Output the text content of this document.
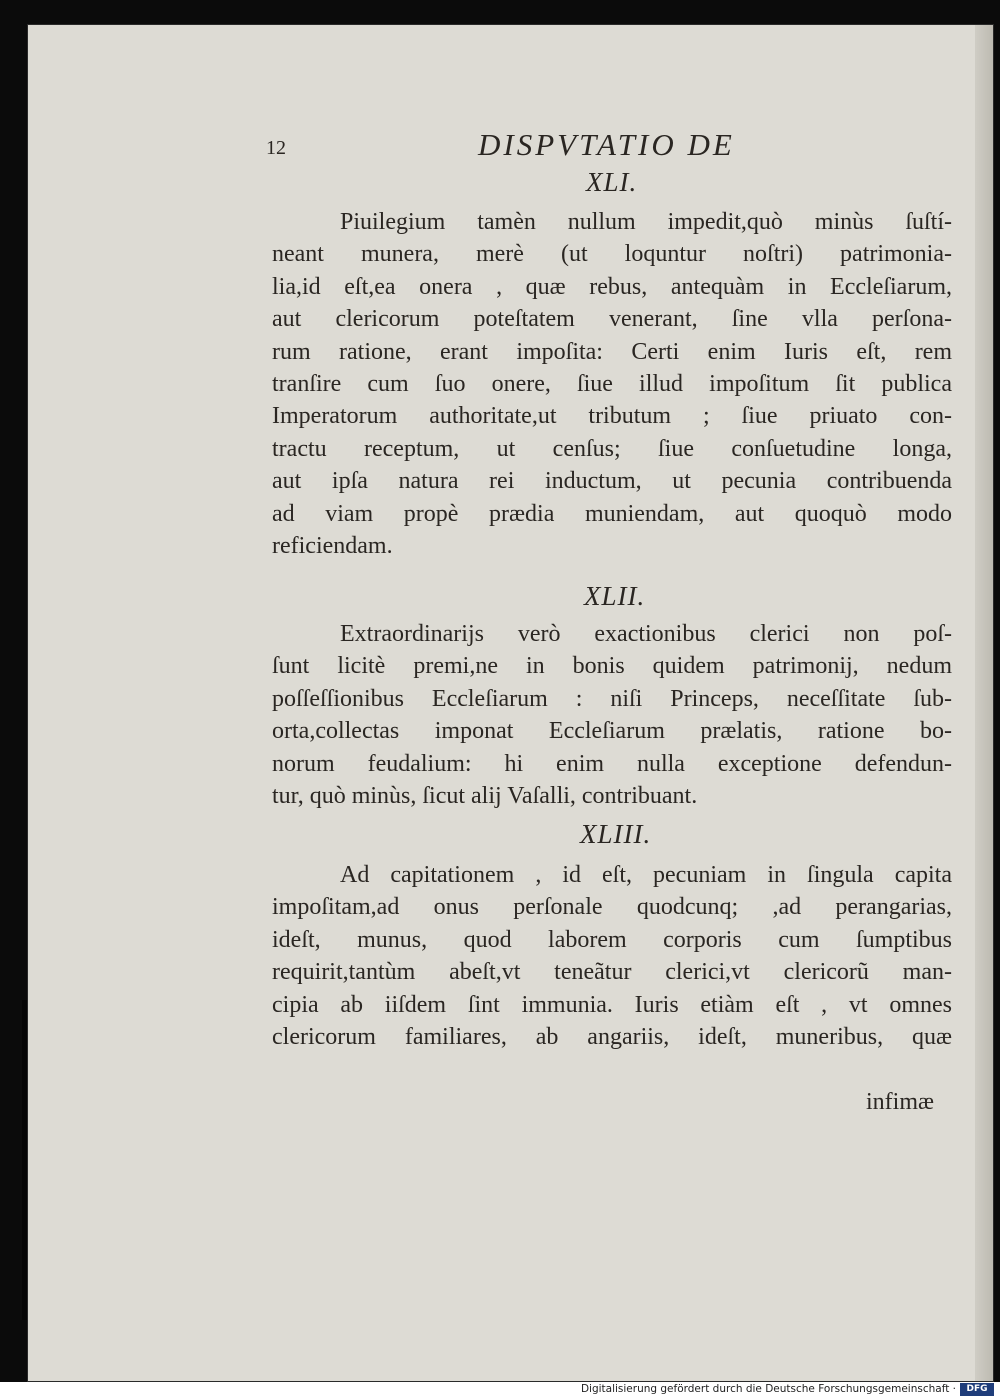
12	DISPVTATIO DE
XLI.
Piuilegium tamèn nullum impedit,quò minùs ſuſtí-
neant munera, merè (ut loquntur noſtri) patrimonia-
lia,id eſt,ea onera , quæ rebus, antequàm in Eccleſiarum,
aut clericorum poteſtatem venerant, ſine vlla perſona-
rum ratione, erant impoſita: Certi enim Iuris eſt, rem
tranſire cum ſuo onere, ſiue illud impoſitum ſit publica
Imperatorum authoritate,ut tributum ; ſiue priuato con-
tractu receptum, ut cenſus; ſiue conſuetudine longa,
aut ipſa natura rei inductum, ut pecunia contribuenda
ad viam propè prædia muniendam, aut quoquò modo
reficiendam.
XLII.
Extraordinarijs verò exactionibus clerici non poſ-
ſunt licitè premi,ne in bonis quidem patrimonij, nedum
poſſeſſionibus Eccleſiarum : niſi Princeps, neceſſitate ſub-
orta,collectas imponat Eccleſiarum prælatis, ratione bo-
norum feudalium: hi enim nulla exceptione defendun-
tur, quò minùs, ſicut alij Vaſalli, contribuant.
XLIII.
Ad capitationem , id eſt, pecuniam in ſingula capita
impoſitam,ad onus perſonale quodcunq; ,ad perangarias,
ideſt, munus, quod laborem corporis cum ſumptibus
requirit,tantùm abeſt,vt teneãtur clerici,vt clericorũ man-
cipia ab iiſdem ſint immunia. Iuris etiàm eſt , vt omnes
clericorum familiares, ab angariis, ideſt, muneribus, quæ
infimæ
Digitalisierung gefördert durch die Deutsche Forschungsgemeinschaft ·	DFG
